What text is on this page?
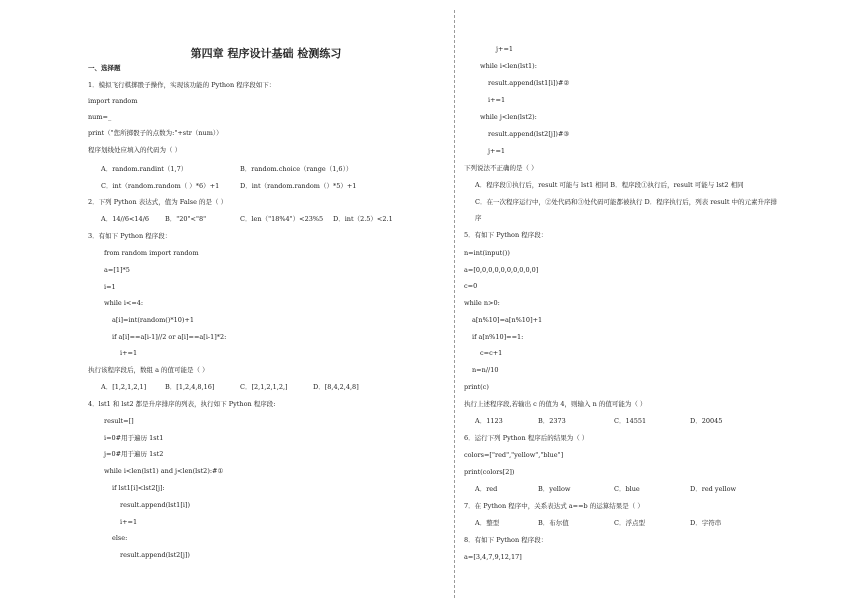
第四章 程序设计基础 检测练习
一、选择题
1．模拟飞行棋掷骰子操作，实现该功能的 Python 程序段如下：
import random
num=_
print（"您所掷骰子的点数为:"+str（num））
程序划线处应填入的代码为（ ）
A．random.randint（1,7）	B．random.choice（range（1,6））
C．int（random.random（ ）*6）+1	D．int（random.random（）*5）+1
2．下列 Python 表达式，值为 False 的是（ ）
A．14//6<14/6 B．"20"<"8"	C．len（"18%4"）<23%5 D．int（2.5）<2.1
3．有如下 Python 程序段：
from random import random
a=[1]*5
i=1
while i<=4:
a[i]=int(random()*10)+1
if a[i]==a[i-1]//2 or a[i]==a[i-1]*2:
i+=1
执行该程序段后，数组 a 的值可能是（ ）
A．[1,2,1,2,1]	B．[1,2,4,8,16]	C．[2,1,2,1,2,]	D．[8,4,2,4,8]
4．lst1 和 lst2 都是升序排序的列表，执行如下 Python 程序段:
result=[]
i=0#用于遍历 1st1
j=0#用于遍历 1st2
while i<len(lst1) and j<len(lst2):#①
if lst1[i]<lst2[j]:
result.append(lst1[i])
i+=1
else:
result.append(lst2[j])
j+=1
while i<len(lst1):
result.append(lst1[i])#②
i+=1
while j<len(lst2):
result.append(lst2[j])#③
j+=1
下列说法不正确的是（ ）
A．程序段①执行后，result 可能与 lst1 相同 B．程序段①执行后，result 可能与 lst2 相同
C．在一次程序运行中，②处代码和③处代码可能都被执行 D．程序执行后，列表 result 中的元素升序排
序
5．有如下 Python 程序段：
n=int(input())
a=[0,0,0,0,0,0,0,0,0,0]
c=0
while n>0:
a[n%10]=a[n%10]+1
if a[n%10]==1:
c=c+1
n=n//10
print(c)
执行上述程序段,若输出 c 的值为 4，则输入 n 的值可能为（ ）
A．1123	B．2373	C．14551	D．20045
6．运行下列 Python 程序后的结果为（ ）
colors=["red","yellow","blue"]
print(colors[2])
A．red	B．yellow	C．blue	D．red yellow
7．在 Python 程序中，关系表达式 a==b 的运算结果是（ ）
A．整型	B．布尔值	C．浮点型	D．字符串
8．有如下 Python 程序段：
a=[3,4,7,9,12,17]
